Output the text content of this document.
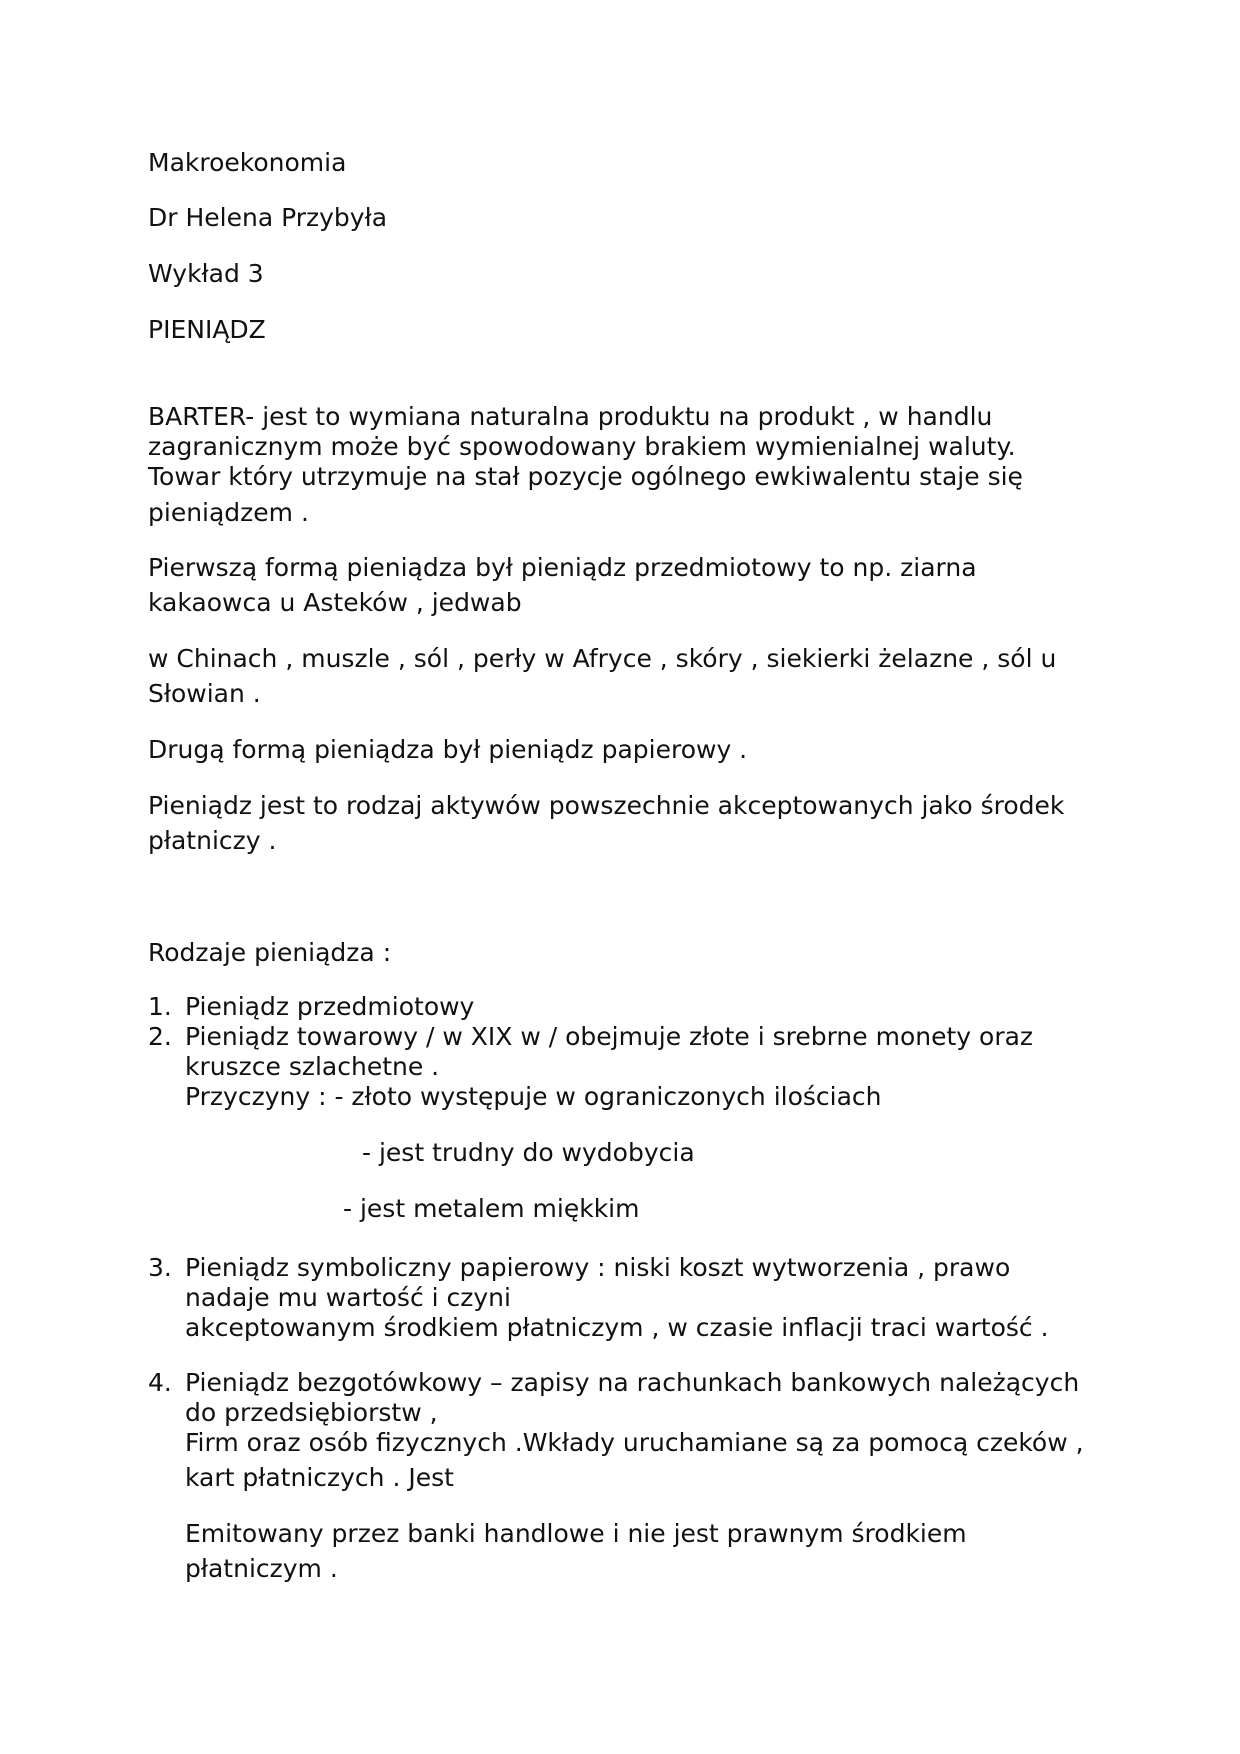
Makroekonomia
Dr Helena Przybyła
Wykład 3
PIENIĄDZ
BARTER- jest to wymiana naturalna produktu na produkt , w handlu
zagranicznym może być spowodowany brakiem wymienialnej waluty.
Towar który utrzymuje na stał pozycje ogólnego ewkiwalentu staje się
pieniądzem .
Pierwszą formą pieniądza był pieniądz przedmiotowy to np. ziarna
kakaowca u Asteków , jedwab
w Chinach , muszle , sól , perły w Afryce , skóry , siekierki żelazne , sól u
Słowian .
Drugą formą pieniądza był pieniądz papierowy .
Pieniądz jest to rodzaj aktywów powszechnie akceptowanych jako środek
płatniczy .
Rodzaje pieniądza :
1. Pieniądz przedmiotowy
2. Pieniądz towarowy / w XIX w / obejmuje złote i srebrne monety oraz
kruszce szlachetne .
Przyczyny : - złoto występuje w ograniczonych ilościach
- jest trudny do wydobycia
- jest metalem miękkim
3. Pieniądz symboliczny papierowy : niski koszt wytworzenia , prawo
nadaje mu wartość i czyni
akceptowanym środkiem płatniczym , w czasie inflacji traci wartość .
4. Pieniądz bezgotówkowy – zapisy na rachunkach bankowych należących
do przedsiębiorstw ,
Firm oraz osób fizycznych .Wkłady uruchamiane są za pomocą czeków ,
kart płatniczych . Jest
Emitowany przez banki handlowe i nie jest prawnym środkiem
płatniczym .
